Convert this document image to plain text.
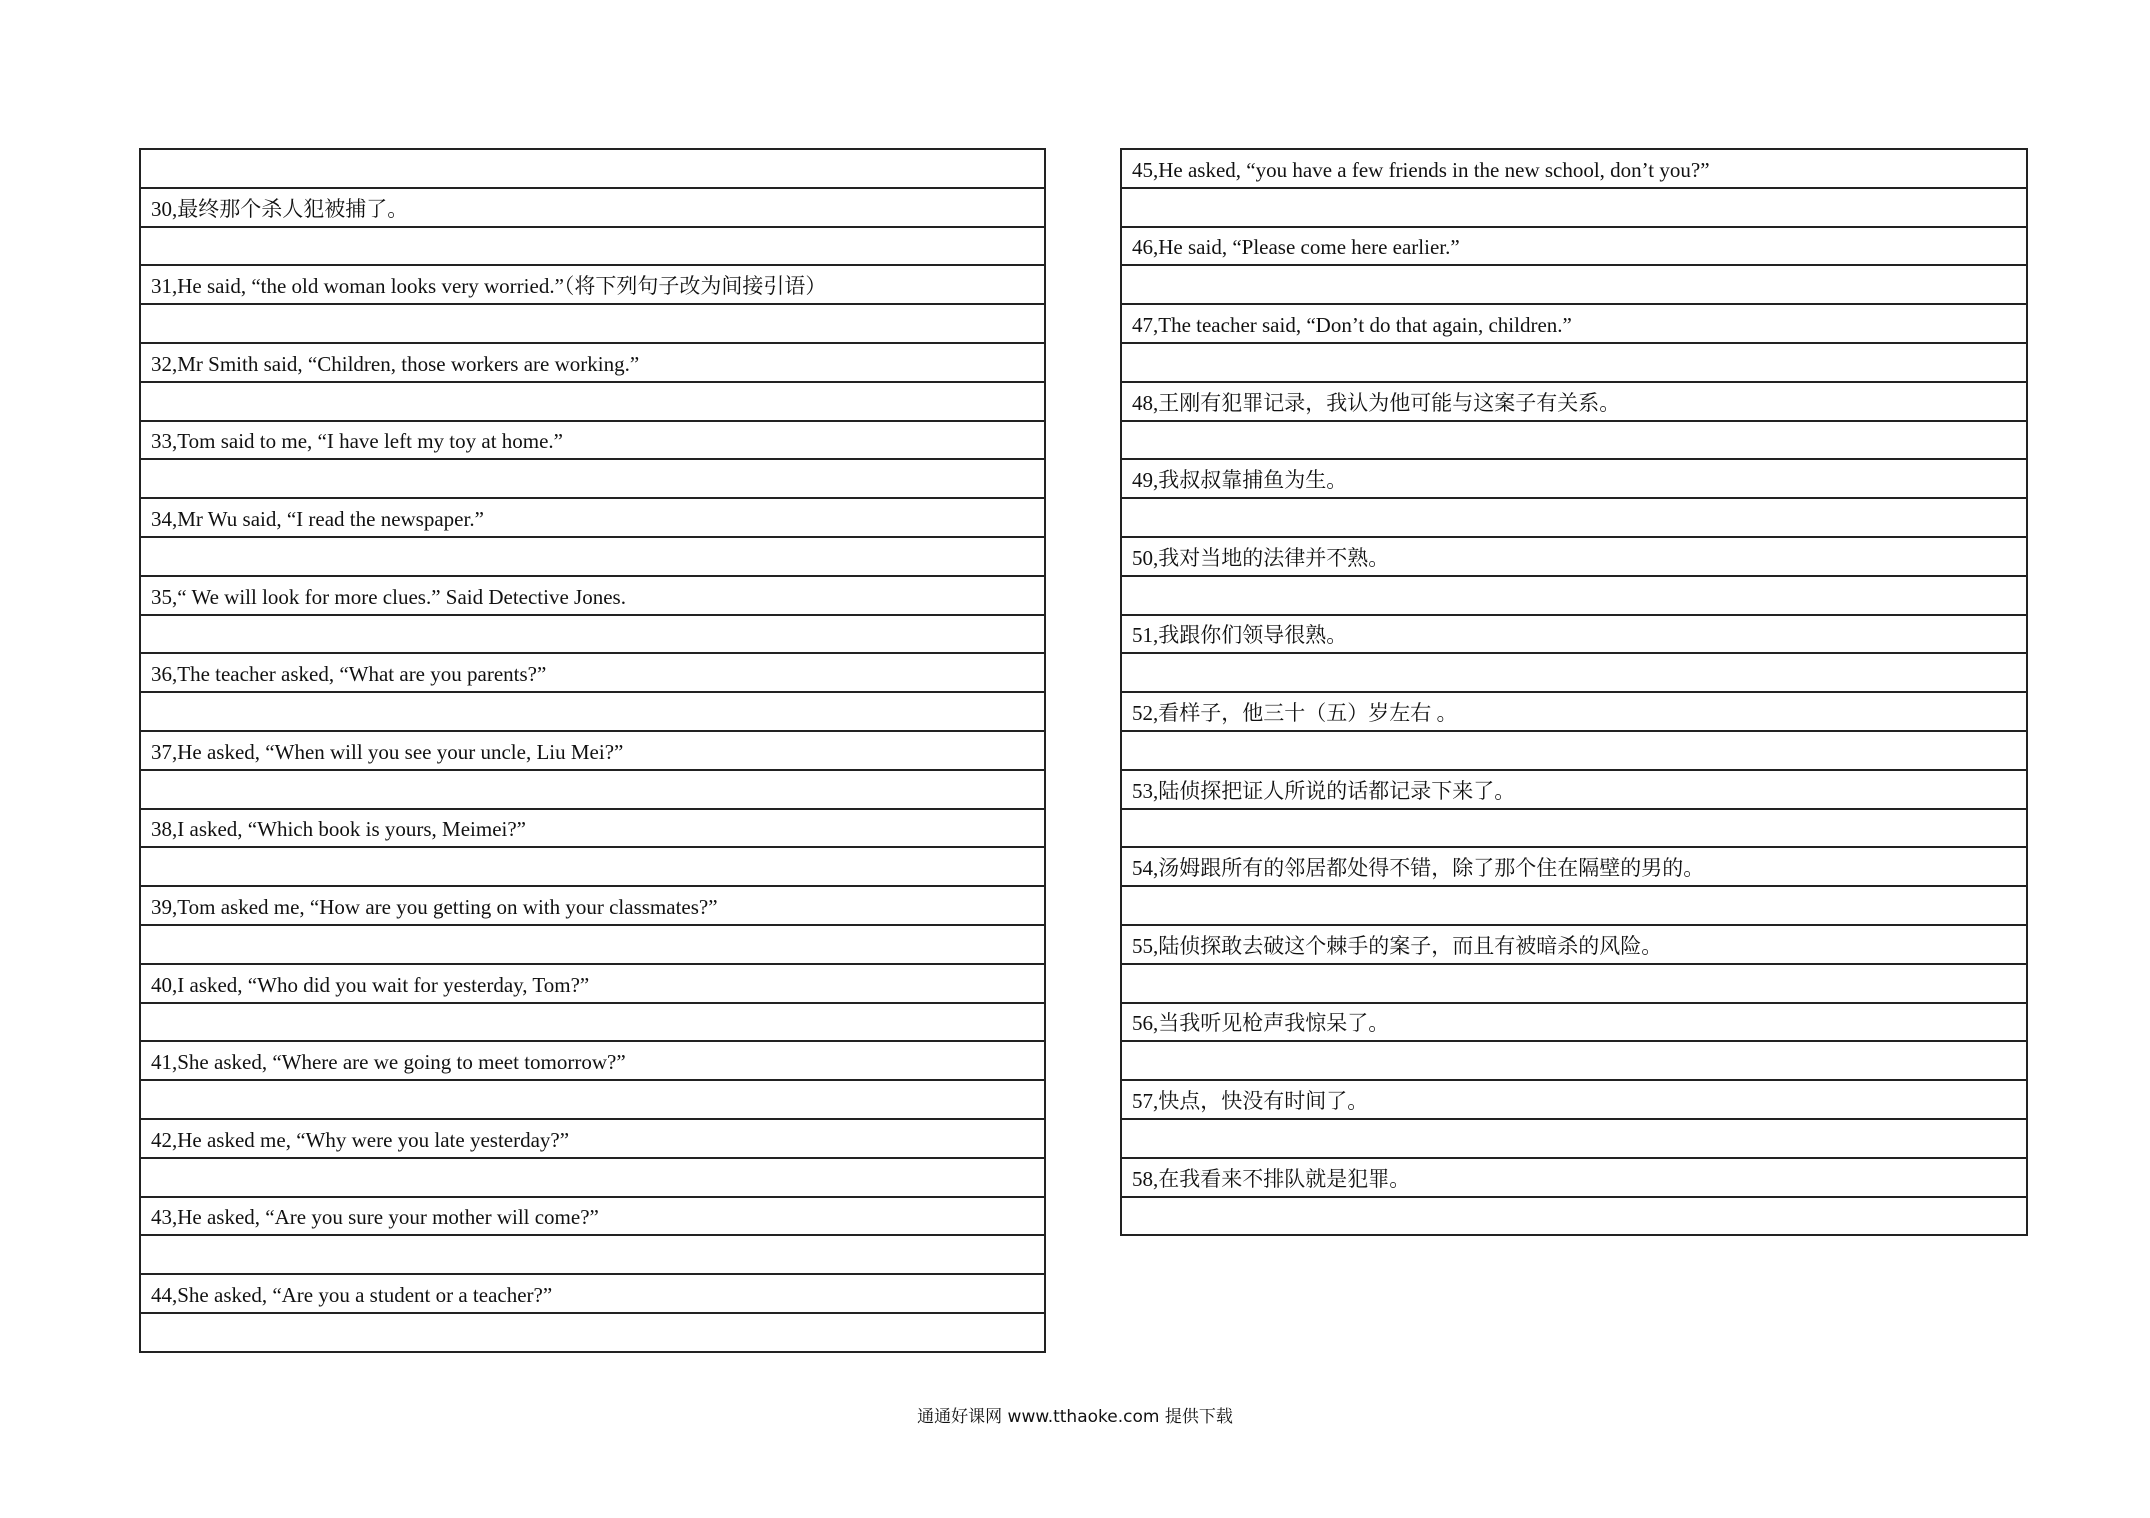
30,最终那个杀人犯被捕了。
31,He said, “the old woman looks very worried.”（将下列句子改为间接引语）
32,Mr Smith said, “Children, those workers are working.”
33,Tom said to me, “I have left my toy at home.”
34,Mr Wu said, “I read the newspaper.”
35,“ We will look for more clues.” Said Detective Jones.
36,The teacher asked, “What are you parents?”
37,He asked, “When will you see your uncle, Liu Mei?”
38,I asked, “Which book is yours, Meimei?”
39,Tom asked me, “How are you getting on with your classmates?”
40,I asked, “Who did you wait for yesterday, Tom?”
41,She asked, “Where are we going to meet tomorrow?”
42,He asked me, “Why were you late yesterday?”
43,He asked, “Are you sure your mother will come?”
44,She asked, “Are you a student or a teacher?”
45,He asked, “you have a few friends in the new school, don’t you?”
46,He said, “Please come here earlier.”
47,The teacher said, “Don’t do that again, children.”
48,王刚有犯罪记录，我认为他可能与这案子有关系。
49,我叔叔靠捕鱼为生。
50,我对当地的法律并不熟。
51,我跟你们领导很熟。
52,看样子，他三十（五）岁左右 。
53,陆侦探把证人所说的话都记录下来了。
54,汤姆跟所有的邻居都处得不错，除了那个住在隔壁的男的。
55,陆侦探敢去破这个棘手的案子，而且有被暗杀的风险。
56,当我听见枪声我惊呆了。
57,快点，快没有时间了。
58,在我看来不排队就是犯罪。
通通好课网 www.tthaoke.com 提供下载
